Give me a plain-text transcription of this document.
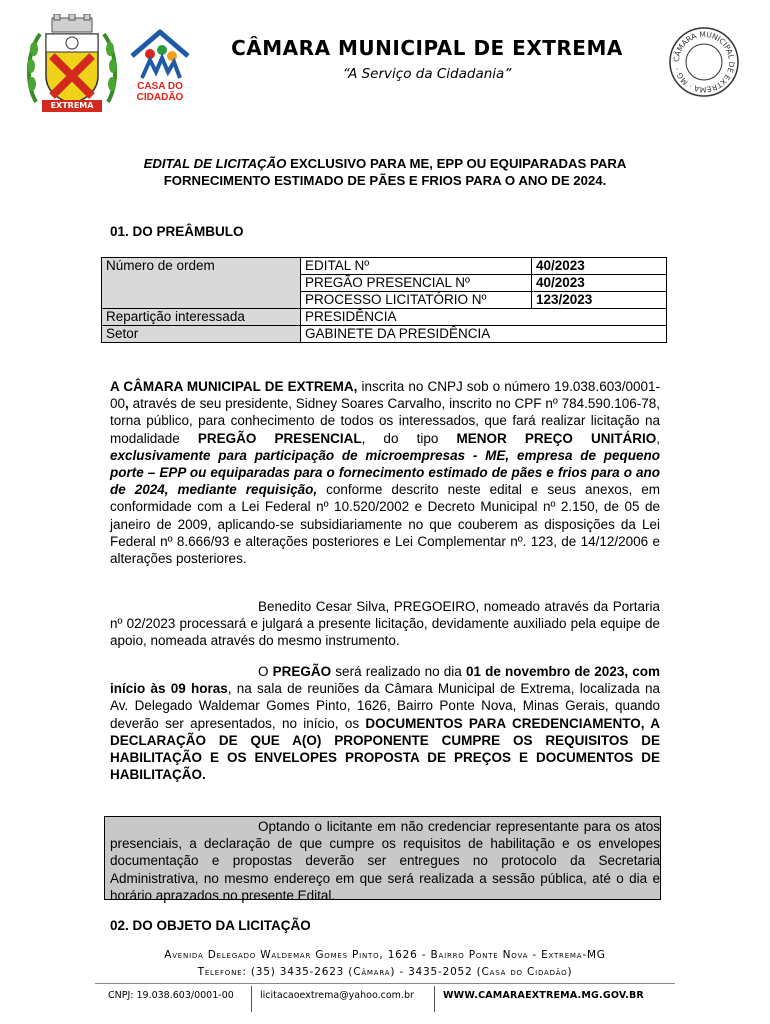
EXTREMA
CASA DO
CIDADÃO
CÂMARA MUNICIPAL DE EXTREMA
“A Serviço da Cidadania”
CÂMARA MUNICIPAL DE EXTREMA · MG ·
EDITAL DE LICITAÇÃO EXCLUSIVO PARA ME, EPP OU EQUIPARADAS PARA FORNECIMENTO ESTIMADO DE PÃES E FRIOS PARA O ANO DE 2024.
01. DO PREÂMBULO
Número de ordem	EDITAL Nº	40/2023
	PREGÃO PRESENCIAL Nº	40/2023
	PROCESSO LICITATÓRIO Nº	123/2023
Repartição interessada	PRESIDÊNCIA	
Setor	GABINETE DA PRESIDÊNCIA	
A CÂMARA MUNICIPAL DE EXTREMA, inscrita no CNPJ sob o número 19.038.603/0001-00, através de seu presidente, Sidney Soares Carvalho, inscrito no CPF nº 784.590.106-78, torna público, para conhecimento de todos os interessados, que fará realizar licitação na modalidade PREGÃO PRESENCIAL, do tipo MENOR PREÇO UNITÁRIO, exclusivamente para participação de microempresas - ME, empresa de pequeno porte – EPP ou equiparadas para o fornecimento estimado de pães e frios para o ano de 2024, mediante requisição, conforme descrito neste edital e seus anexos, em conformidade com a Lei Federal nº 10.520/2002 e Decreto Municipal nº 2.150, de 05 de janeiro de 2009, aplicando-se subsidiariamente no que couberem as disposições da Lei Federal nº 8.666/93 e alterações posteriores e Lei Complementar nº. 123, de 14/12/2006 e alterações posteriores.
Benedito Cesar Silva, PREGOEIRO, nomeado através da Portaria nº 02/2023 processará e julgará a presente licitação, devidamente auxiliado pela equipe de apoio, nomeada através do mesmo instrumento.
O PREGÃO será realizado no dia 01 de novembro de 2023, com início às 09 horas, na sala de reuniões da Câmara Municipal de Extrema, localizada na Av. Delegado Waldemar Gomes Pinto, 1626, Bairro Ponte Nova, Minas Gerais, quando deverão ser apresentados, no início, os DOCUMENTOS PARA CREDENCIAMENTO, A DECLARAÇÃO DE QUE A(O) PROPONENTE CUMPRE OS REQUISITOS DE HABILITAÇÃO E OS ENVELOPES PROPOSTA DE PREÇOS E DOCUMENTOS DE HABILITAÇÃO.
Optando o licitante em não credenciar representante para os atos presenciais, a declaração de que cumpre os requisitos de habilitação e os envelopes documentação e propostas deverão ser entregues no protocolo da Secretaria Administrativa, no mesmo endereço em que será realizada a sessão pública, até o dia e horário aprazados no presente Edital.
02. DO OBJETO DA LICITAÇÃO
Avenida Delegado Waldemar Gomes Pinto, 1626 - Bairro Ponte Nova - Extrema-MG
Telefone: (35) 3435-2623 (Câmara) - 3435-2052 (Casa do Cidadão)
CNPJ: 19.038.603/0001-00	licitacaoextrema@yahoo.com.br	WWW.CAMARAEXTREMA.MG.GOV.BR
